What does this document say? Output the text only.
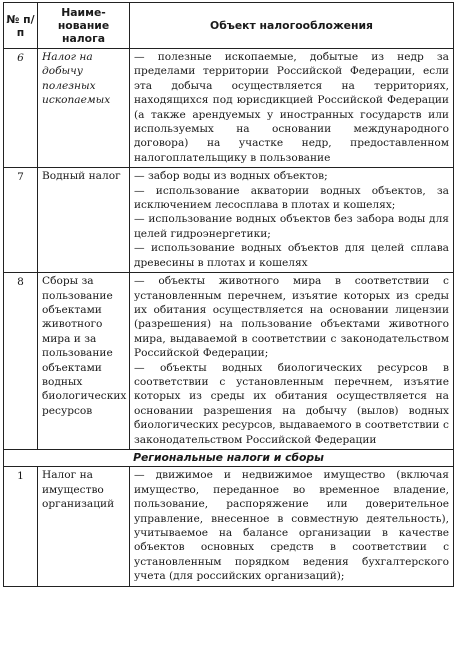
№ п/п	Наиме-нование налога	Объект налогообложения
6	Налог на добычу полезных ископаемых	— полезные ископаемые, добытые из недр за пределами территории Российской Федерации, если эта добыча осуществляется на территориях, находящихся под юрисдикцией Российской Федерации (а также арендуемых у иностранных государств или используемых на основании международного договора) на участке недр, предоставленном налогоплательщику в пользование

7	Водный налог	— забор воды из водных объектов;

— использование акватории водных объектов, за исключением лесосплава в плотах и кошелях;

— использование водных объектов без забора воды для целей гидроэнергетики;

— использование водных объектов для целей сплава древесины в плотах и кошелях

8	Сборы за пользование объектами животного мира и за пользование объектами водных биологических ресурсов	— объекты животного мира в соответствии с установленным перечнем, изъятие которых из среды их обитания осуществляется на основании лицензии (разрешения) на пользование объектами животного мира, выдаваемой в соответствии с законодательством Российской Федерации;

— объекты водных биологических ресурсов в соответствии с установленным перечнем, изъятие которых из среды их обитания осуществляется на основании разрешения на добычу (вылов) водных биологических ресурсов, выдаваемого в соответствии с законодательством Российской Федерации

Региональные налоги и сборы		
1	Налог на имущество организаций	— движимое и недвижимое имущество (включая имущество, переданное во временное владение, пользование, распоряжение или доверительное управление, внесенное в совместную деятельность), учитываемое на балансе организации в качестве объектов основных средств в соответствии с установленным порядком ведения бухгалтерского учета (для российских организаций);
